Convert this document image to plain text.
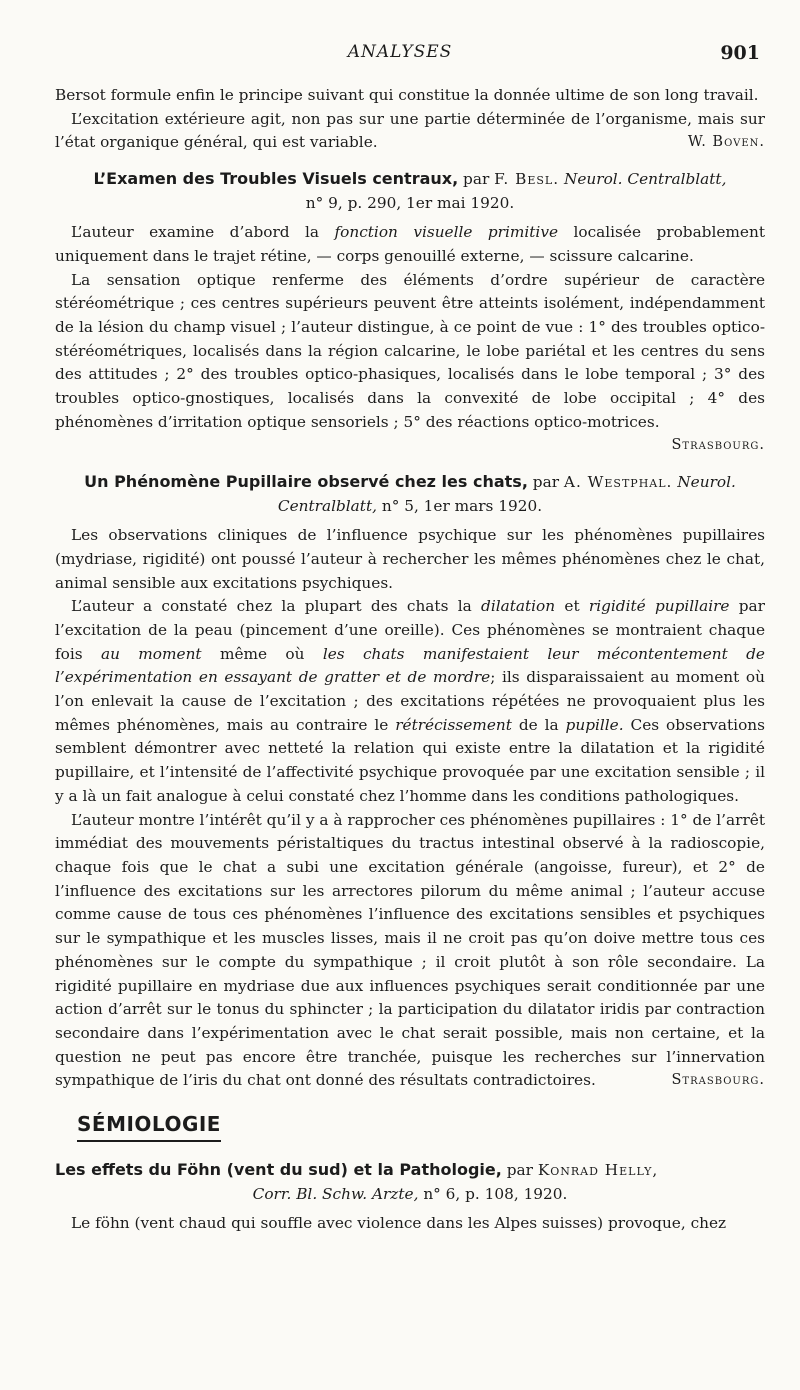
ANALYSES	901

Bersot formule enfin le principe suivant qui constitue la donnée ultime de son long travail.

L’excitation extérieure agit, non pas sur une partie déterminée de l’organisme, mais sur l’état organique général, qui est variable.	W. Boven.
L’Examen des Troubles Visuels centraux, par F. Besl. Neurol. Centralblatt,
n° 9, p. 290, 1er mai 1920.

L’auteur examine d’abord la fonction visuelle primitive localisée probablement uniquement dans le trajet rétine, — corps genouillé externe, — scissure calcarine.

La sensation optique renferme des éléments d’ordre supérieur de caractère stéréométrique ; ces centres supérieurs peuvent être atteints isolément, indépendamment de la lésion du champ visuel ; l’auteur distingue, à ce point de vue : 1° des troubles optico-stéréométriques, localisés dans la région calcarine, le lobe pariétal et les centres du sens des attitudes ; 2° des troubles optico-phasiques, localisés dans le lobe temporal ; 3° des troubles optico-gnostiques, localisés dans la convexité de lobe occipital ; 4° des phénomènes d’irritation optique sensoriels ; 5° des réactions optico-motrices.

Strasbourg.
Un Phénomène Pupillaire observé chez les chats, par A. Westphal. Neurol.
Centralblatt, n° 5, 1er mars 1920.

Les observations cliniques de l’influence psychique sur les phénomènes pupillaires (mydriase, rigidité) ont poussé l’auteur à rechercher les mêmes phénomènes chez le chat, animal sensible aux excitations psychiques.

L’auteur a constaté chez la plupart des chats la dilatation et rigidité pupillaire par l’excitation de la peau (pincement d’une oreille). Ces phénomènes se montraient chaque fois au moment même où les chats manifestaient leur mécontentement de l’expérimentation en essayant de gratter et de mordre; ils disparaissaient au moment où l’on enlevait la cause de l’excitation ; des excitations répétées ne provoquaient plus les mêmes phénomènes, mais au contraire le rétrécissement de la pupille. Ces observations semblent démontrer avec netteté la relation qui existe entre la dilatation et la rigidité pupillaire, et l’intensité de l’affectivité psychique provoquée par une excitation sensible ; il y a là un fait analogue à celui constaté chez l’homme dans les conditions pathologiques.

L’auteur montre l’intérêt qu’il y a à rapprocher ces phénomènes pupillaires : 1° de l’arrêt immédiat des mouvements péristaltiques du tractus intestinal observé à la radioscopie, chaque fois que le chat a subi une excitation générale (angoisse, fureur), et 2° de l’influence des excitations sur les arrectores pilorum du même animal ; l’auteur accuse comme cause de tous ces phénomènes l’influence des excitations sensibles et psychiques sur le sympathique et les muscles lisses, mais il ne croit pas qu’on doive mettre tous ces phénomènes sur le compte du sympathique ; il croit plutôt à son rôle secondaire. La rigidité pupillaire en mydriase due aux influences psychiques serait conditionnée par une action d’arrêt sur le tonus du sphincter ; la participation du dilatator iridis par contraction secondaire dans l’expérimentation avec le chat serait possible, mais non certaine, et la question ne peut pas encore être tranchée, puisque les recherches sur l’innervation sympathique de l’iris du chat ont donné des résultats contradictoires.	Strasbourg.
SÉMIOLOGIE
Les effets du Föhn (vent du sud) et la Pathologie, par Konrad Helly,
Corr. Bl. Schw. Arzte, n° 6, p. 108, 1920.

Le föhn (vent chaud qui souffle avec violence dans les Alpes suisses) provoque, chez
